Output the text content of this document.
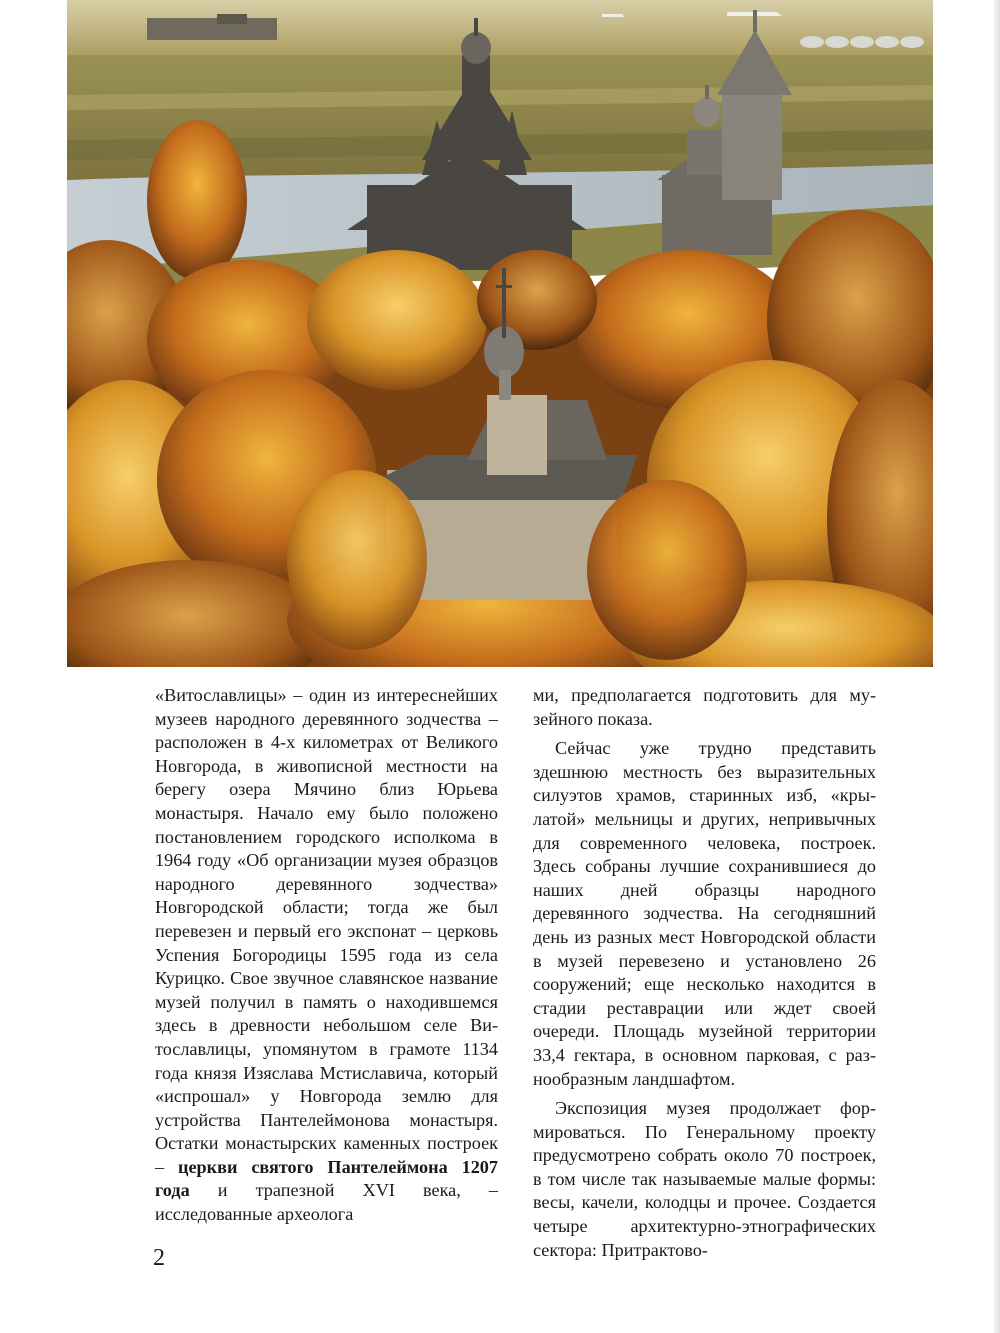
«Витославлицы» – один из интереснейших музеев народного деревянного зодчества – расположен в 4-х километрах от Великого Новгорода, в живописной местности на берегу озера Мячино близ Юрьева монастыря. Начало ему было положено постановлением городского исполкома в 1964 году «Об организации музея образцов народного деревянного зодчества» Новгородской области; тогда же был перевезен и первый его экспонат – церковь Успения Богородицы 1595 года из села Курицко. Свое звучное славянское название музей получил в память о находившемся здесь в древности небольшом селе Витославлицы, упомянутом в грамоте 1134 года князя Изяслава Мстиславича, который «испрошал» у Новгорода землю для устройства Пантелеймонова монастыря. Остатки монастырских каменных построек – церкви святого Пантелеймона 1207 года и трапезной XVI века, – исследованные археолога

ми, предполагается подготовить для музейного показа.

Сейчас уже трудно представить здешнюю местность без выразительных силуэтов храмов, старинных изб, «крылатой» мельницы и других, непривычных для современного человека, построек. Здесь собраны лучшие сохранившиеся до наших дней образцы народного деревянного зодчества. На сегодняшний день из разных мест Новгородской области в музей перевезено и установлено 26 сооружений; еще несколько находится в стадии реставрации или ждет своей очереди. Площадь музейной территории 33,4 гектара, в основном парковая, с разнообразным ландшафтом.

Экспозиция музея продолжает формироваться. По Генеральному проекту предусмотрено собрать около 70 построек, в том числе так называемые малые формы: весы, качели, колодцы и прочее. Создается четыре архитектурно-этнографических сектора: Притрактово-

2
